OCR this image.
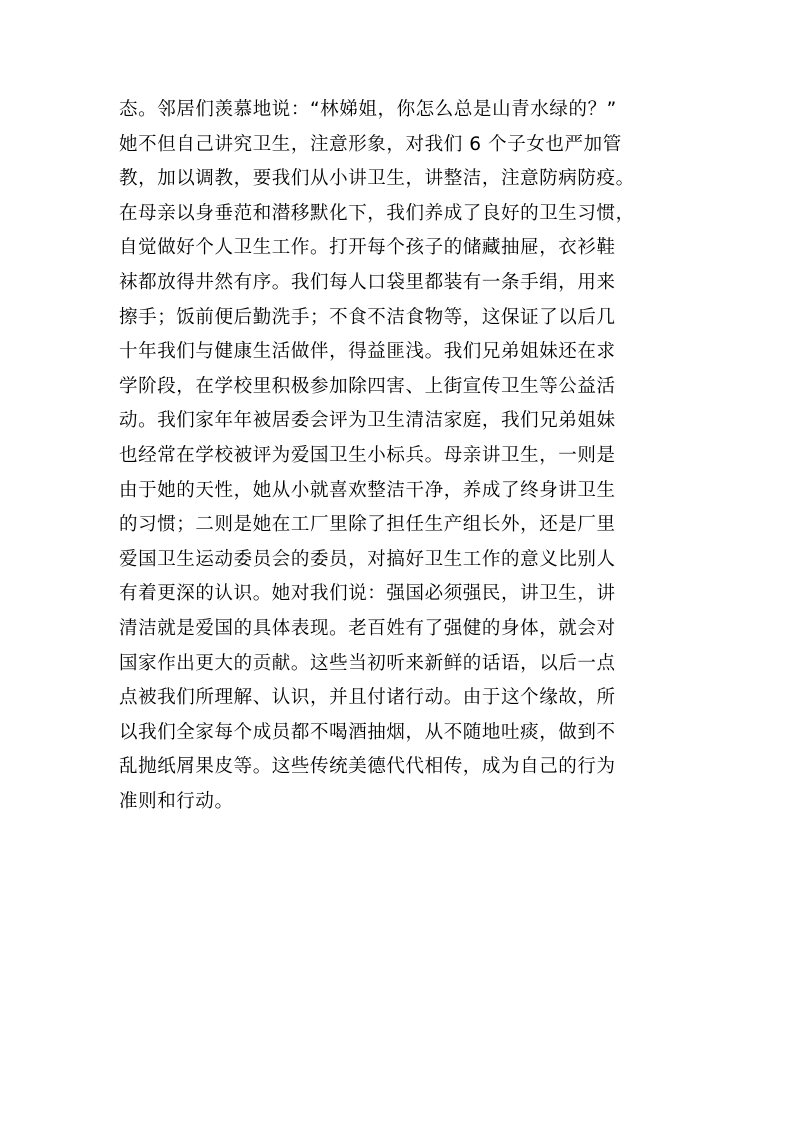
态。邻居们羡慕地说：“林娣姐，你怎么总是山青水绿的？”
她不但自己讲究卫生，注意形象，对我们 6 个子女也严加管
教，加以调教，要我们从小讲卫生，讲整洁，注意防病防疫。
在母亲以身垂范和潜移默化下，我们养成了良好的卫生习惯，
自觉做好个人卫生工作。打开每个孩子的储藏抽屉，衣衫鞋
袜都放得井然有序。我们每人口袋里都装有一条手绢，用来
擦手；饭前便后勤洗手；不食不洁食物等，这保证了以后几
十年我们与健康生活做伴，得益匪浅。我们兄弟姐妹还在求
学阶段，在学校里积极参加除四害、上街宣传卫生等公益活
动。我们家年年被居委会评为卫生清洁家庭，我们兄弟姐妹
也经常在学校被评为爱国卫生小标兵。母亲讲卫生，一则是
由于她的天性，她从小就喜欢整洁干净，养成了终身讲卫生
的习惯；二则是她在工厂里除了担任生产组长外，还是厂里
爱国卫生运动委员会的委员，对搞好卫生工作的意义比别人
有着更深的认识。她对我们说：强国必须强民，讲卫生，讲
清洁就是爱国的具体表现。老百姓有了强健的身体，就会对
国家作出更大的贡献。这些当初听来新鲜的话语，以后一点
点被我们所理解、认识，并且付诸行动。由于这个缘故，所
以我们全家每个成员都不喝酒抽烟，从不随地吐痰，做到不
乱抛纸屑果皮等。这些传统美德代代相传，成为自己的行为
准则和行动。
